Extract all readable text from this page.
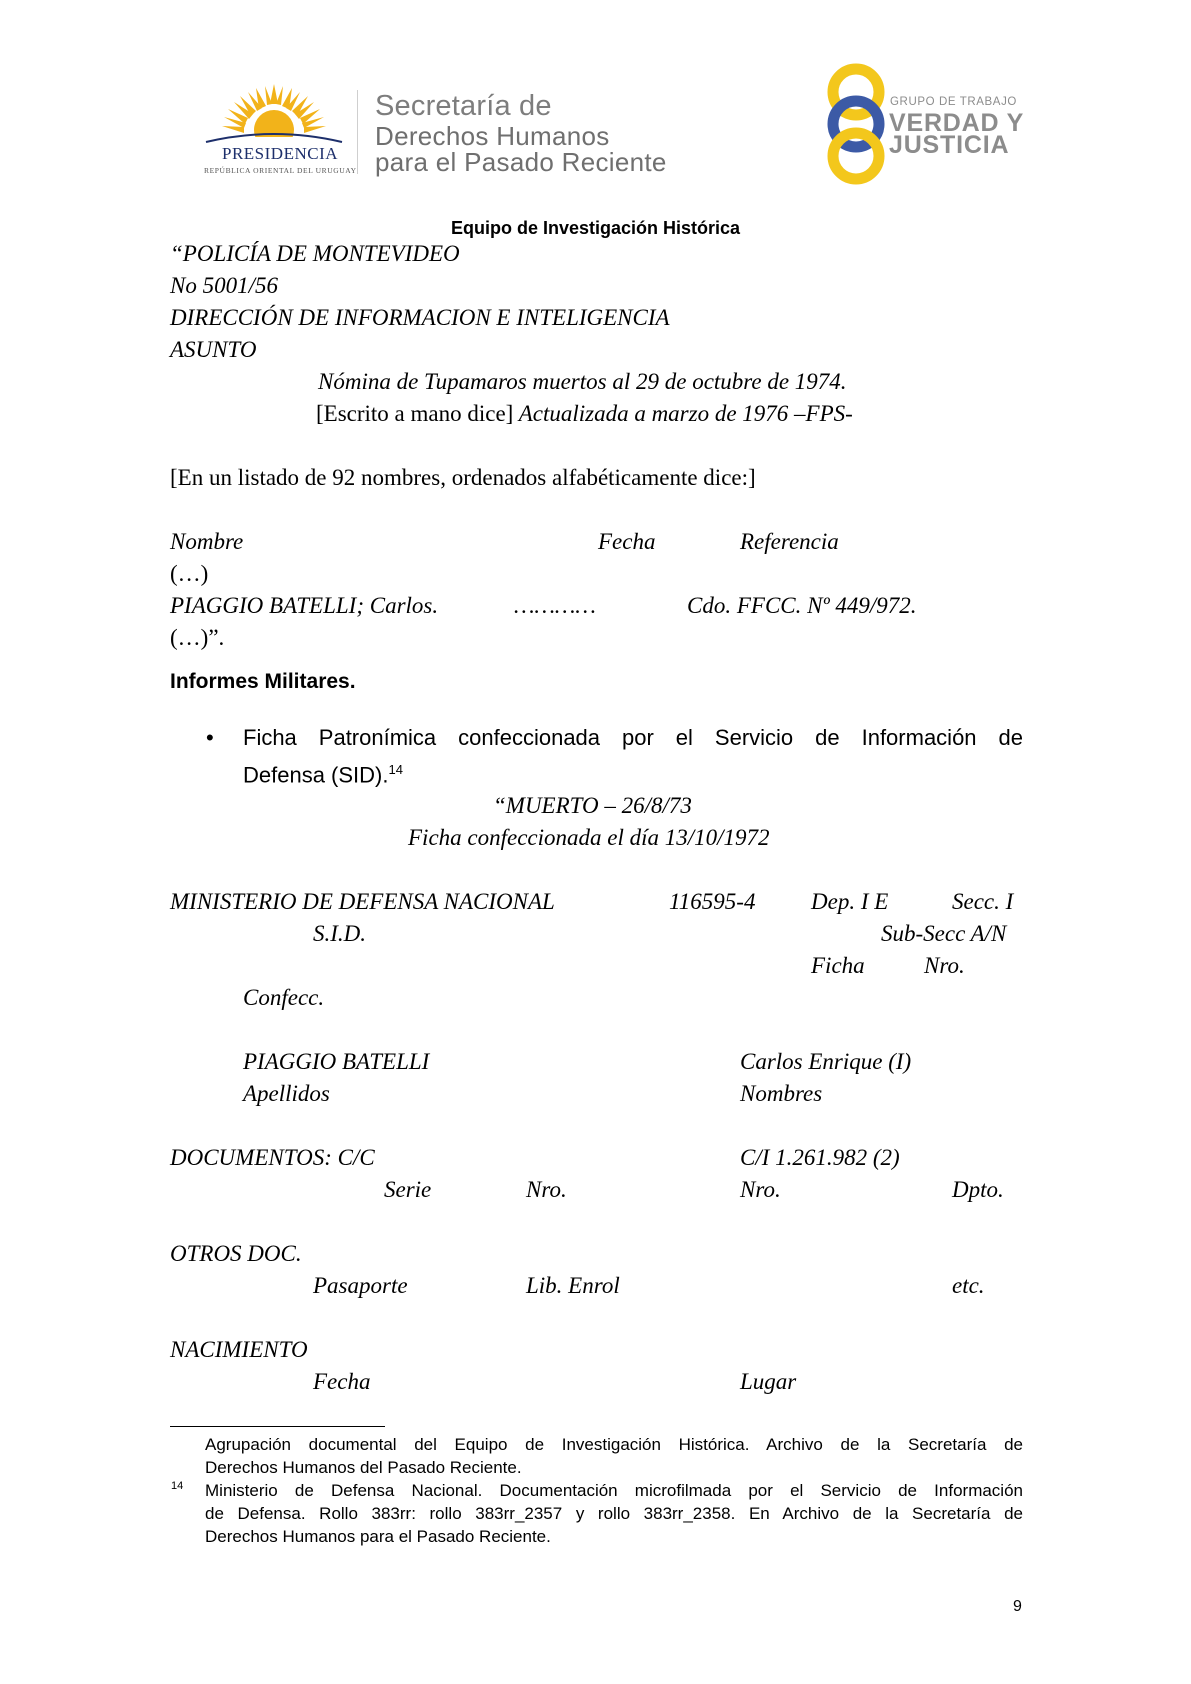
PRESIDENCIA
REPÚBLICA ORIENTAL DEL URUGUAY
Secretaría de
Derechos Humanos
para el Pasado Reciente
GRUPO DE TRABAJO
VERDAD Y
JUSTICIA
Equipo de Investigación Histórica
“POLICÍA DE MONTEVIDEO
No 5001/56
DIRECCIÓN DE INFORMACION E INTELIGENCIA
ASUNTO
Nómina de Tupamaros muertos al 29 de octubre de 1974.
[Escrito a mano dice] Actualizada a marzo de 1976 –FPS-
[En un listado de 92 nombres, ordenados alfabéticamente dice:]
Nombre	Fecha	Referencia
(…)
PIAGGIO BATELLI; Carlos.	…………	Cdo. FFCC. Nº 449/972.
(…)”.
Informes Militares.
• Ficha Patronímica confeccionada por el Servicio de Información de
Defensa (SID).$^{14}$
“MUERTO – 26/8/73
Ficha confeccionada el día 13/10/1972
MINISTERIO DE DEFENSA NACIONAL	116595-4 Dep. I E	Secc. I
S.I.D.	Sub-Secc A/N
Ficha	Nro.
Confecc.
PIAGGIO BATELLI	Carlos Enrique (I)
Apellidos	Nombres
DOCUMENTOS: C/C	C/I 1.261.982 (2)
Serie	Nro.	Nro.	Dpto.
OTROS DOC.
Pasaporte	Lib. Enrol	etc.
NACIMIENTO
Fecha	Lugar
Agrupación documental del Equipo de Investigación Histórica. Archivo de la Secretaría de
Derechos Humanos del Pasado Reciente.
14 Ministerio de Defensa Nacional. Documentación microfilmada por el Servicio de Información
de Defensa. Rollo 383rr: rollo 383rr_2357 y rollo 383rr_2358. En Archivo de la Secretaría de
Derechos Humanos para el Pasado Reciente.
9
